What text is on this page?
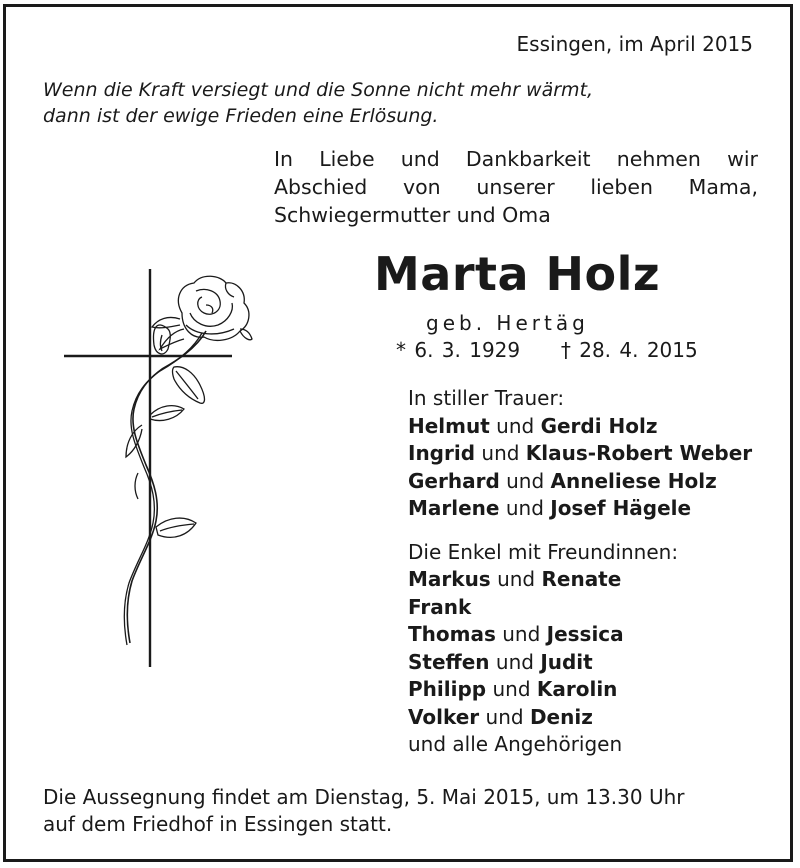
Essingen, im April 2015
Wenn die Kraft versiegt und die Sonne nicht mehr wärmt,
dann ist der ewige Frieden eine Erlösung.
In Liebe und Dankbarkeit nehmen wir
Abschied von unserer lieben Mama,
Schwiegermutter und Oma
Marta Holz
geb. Hertäg
* 6. 3. 1929 † 28. 4. 2015
In stiller Trauer:
Helmut und Gerdi Holz
Ingrid und Klaus-Robert Weber
Gerhard und Anneliese Holz
Marlene und Josef Hägele
Die Enkel mit Freundinnen:
Markus und Renate
Frank
Thomas und Jessica
Steffen und Judit
Philipp und Karolin
Volker und Deniz
und alle Angehörigen
Die Aussegnung findet am Dienstag, 5. Mai 2015, um 13.30 Uhr
auf dem Friedhof in Essingen statt.
